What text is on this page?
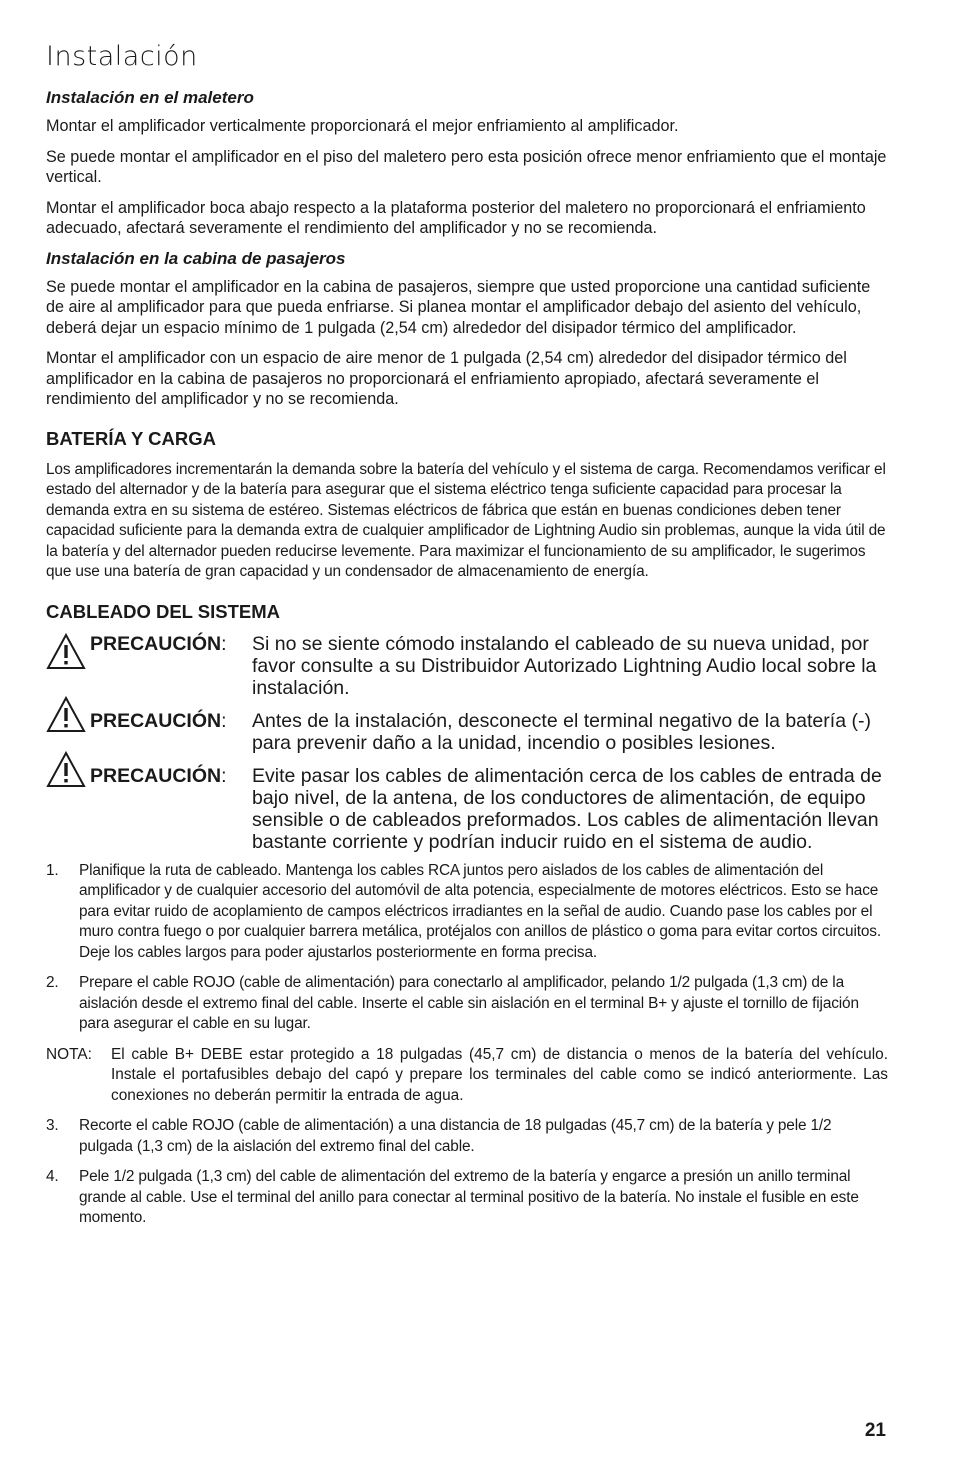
Instalación
Instalación en el maletero

Montar el amplificador verticalmente proporcionará el mejor enfriamiento al amplificador.

Se puede montar el amplificador en el piso del maletero pero esta posición ofrece menor enfriamiento que el montaje vertical.

Montar el amplificador boca abajo respecto a la plataforma posterior del maletero no proporcionará el enfriamiento adecuado, afectará severamente el rendimiento del amplificador y no se recomienda.

Instalación en la cabina de pasajeros

Se puede montar el amplificador en la cabina de pasajeros, siempre que usted proporcione una cantidad suficiente de aire al amplificador para que pueda enfriarse. Si planea montar el amplificador debajo del asiento del vehículo, deberá dejar un espacio mínimo de 1 pulgada (2,54 cm) alrededor del disipador térmico del amplificador.

Montar el amplificador con un espacio de aire menor de 1 pulgada (2,54 cm) alrededor del disipador térmico del amplificador en la cabina de pasajeros no proporcionará el enfriamiento apropiado, afectará severamente el rendimiento del amplificador y no se recomienda.

BATERÍA Y CARGA

Los amplificadores incrementarán la demanda sobre la batería del vehículo y el sistema de carga. Recomendamos verificar el estado del alternador y de la batería para asegurar que el sistema eléctrico tenga suficiente capacidad para procesar la demanda extra en su sistema de estéreo. Sistemas eléctricos de fábrica que están en buenas condiciones deben tener capacidad suficiente para la demanda extra de cualquier amplificador de Lightning Audio sin problemas, aunque la vida útil de la batería y del alternador pueden reducirse levemente. Para maximizar el funcionamiento de su amplificador, le sugerimos que use una batería de gran capacidad y un condensador de almacenamiento de energía.

CABLEADO DEL SISTEMA
PRECAUCIÓN:	Si no se siente cómodo instalando el cableado de su nueva unidad, por favor consulte a su Distribuidor Autorizado Lightning Audio local sobre la instalación.
PRECAUCIÓN:	Antes de la instalación, desconecte el terminal negativo de la batería (-) para prevenir daño a la unidad, incendio o posibles lesiones.
PRECAUCIÓN:	Evite pasar los cables de alimentación cerca de los cables de entrada de bajo nivel, de la antena, de los conductores de alimentación, de equipo sensible o de cableados preformados. Los cables de alimentación llevan bastante corriente y podrían inducir ruido en el sistema de audio.
1.	Planifique la ruta de cableado. Mantenga los cables RCA juntos pero aislados de los cables de alimentación del amplificador y de cualquier accesorio del automóvil de alta potencia, especialmente de motores eléctricos. Esto se hace para evitar ruido de acoplamiento de campos eléctricos irradiantes en la señal de audio. Cuando pase los cables por el muro contra fuego o por cualquier barrera metálica, protéjalos con anillos de plástico o goma para evitar cortos circuitos. Deje los cables largos para poder ajustarlos posteriormente en forma precisa.
2.	Prepare el cable ROJO (cable de alimentación) para conectarlo al amplificador, pelando 1/2 pulgada (1,3 cm) de la aislación desde el extremo final del cable. Inserte el cable sin aislación en el terminal B+ y ajuste el tornillo de fijación para asegurar el cable en su lugar.
NOTA:	El cable B+ DEBE estar protegido a 18 pulgadas (45,7 cm) de distancia o menos de la batería del vehículo. Instale el portafusibles debajo del capó y prepare los terminales del cable como se indicó anteriormente. Las conexiones no deberán permitir la entrada de agua.
3.	Recorte el cable ROJO (cable de alimentación) a una distancia de 18 pulgadas (45,7 cm) de la batería y pele 1/2 pulgada (1,3 cm) de la aislación del extremo final del cable.
4.	Pele 1/2 pulgada (1,3 cm) del cable de alimentación del extremo de la batería y engarce a presión un anillo terminal grande al cable. Use el terminal del anillo para conectar al terminal positivo de la batería. No instale el fusible en este momento.
21
